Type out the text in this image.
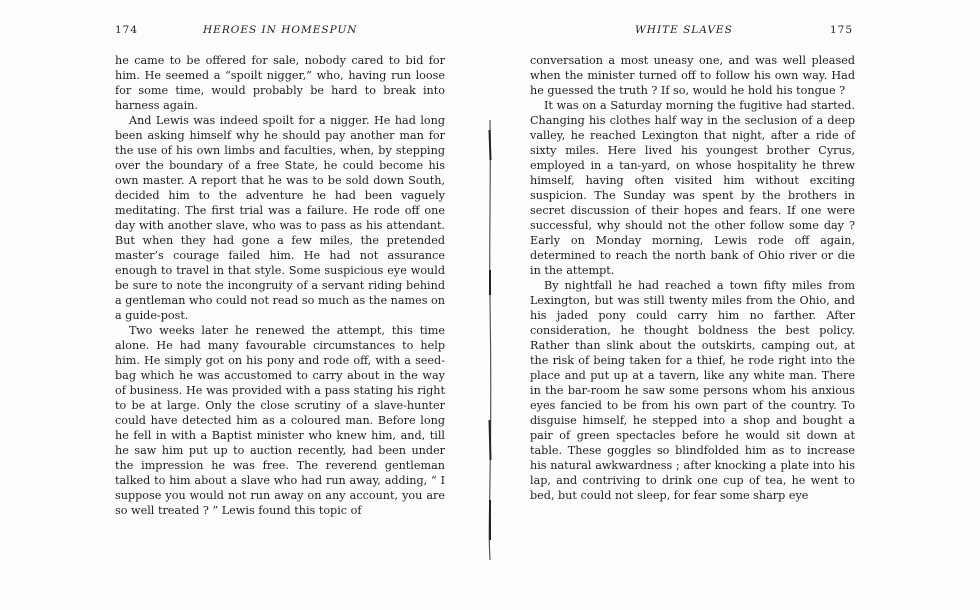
174	HEROES IN HOMESPUN

he came to be offered for sale, nobody cared to bid for him. He seemed a “spoilt nigger,” who, having run loose for some time, would probably be hard to break into harness again.

And Lewis was indeed spoilt for a nigger. He had long been asking himself why he should pay another man for the use of his own limbs and faculties, when, by stepping over the boundary of a free State, he could become his own master. A report that he was to be sold down South, decided him to the adventure he had been vaguely meditating. The first trial was a failure. He rode off one day with another slave, who was to pass as his attendant. But when they had gone a few miles, the pretended master’s courage failed him. He had not assurance enough to travel in that style. Some suspicious eye would be sure to note the incongruity of a servant riding behind a gentleman who could not read so much as the names on a guide-post.

Two weeks later he renewed the attempt, this time alone. He had many favourable circumstances to help him. He simply got on his pony and rode off, with a seed-bag which he was accustomed to carry about in the way of business. He was provided with a pass stating his right to be at large. Only the close scrutiny of a slave-hunter could have detected him as a coloured man. Before long he fell in with a Baptist minister who knew him, and, till he saw him put up to auction recently, had been under the impression he was free. The reverend gentleman talked to him about a slave who had run away, adding, “ I suppose you would not run away on any account, you are so well treated ? ” Lewis found this topic of

WHITE SLAVES	175

conversation a most uneasy one, and was well pleased when the minister turned off to follow his own way. Had he guessed the truth ? If so, would he hold his tongue ?

It was on a Saturday morning the fugitive had started. Changing his clothes half way in the seclusion of a deep valley, he reached Lexington that night, after a ride of sixty miles. Here lived his youngest brother Cyrus, employed in a tan-yard, on whose hospitality he threw himself, having often visited him without exciting suspicion. The Sunday was spent by the brothers in secret discussion of their hopes and fears. If one were successful, why should not the other follow some day ? Early on Monday morning, Lewis rode off again, determined to reach the north bank of Ohio river or die in the attempt.

By nightfall he had reached a town fifty miles from Lexington, but was still twenty miles from the Ohio, and his jaded pony could carry him no farther. After consideration, he thought boldness the best policy. Rather than slink about the outskirts, camping out, at the risk of being taken for a thief, he rode right into the place and put up at a tavern, like any white man. There in the bar-room he saw some persons whom his anxious eyes fancied to be from his own part of the country. To disguise himself, he stepped into a shop and bought a pair of green spectacles before he would sit down at table. These goggles so blindfolded him as to increase his natural awkwardness ; after knocking a plate into his lap, and contriving to drink one cup of tea, he went to bed, but could not sleep, for fear some sharp eye
